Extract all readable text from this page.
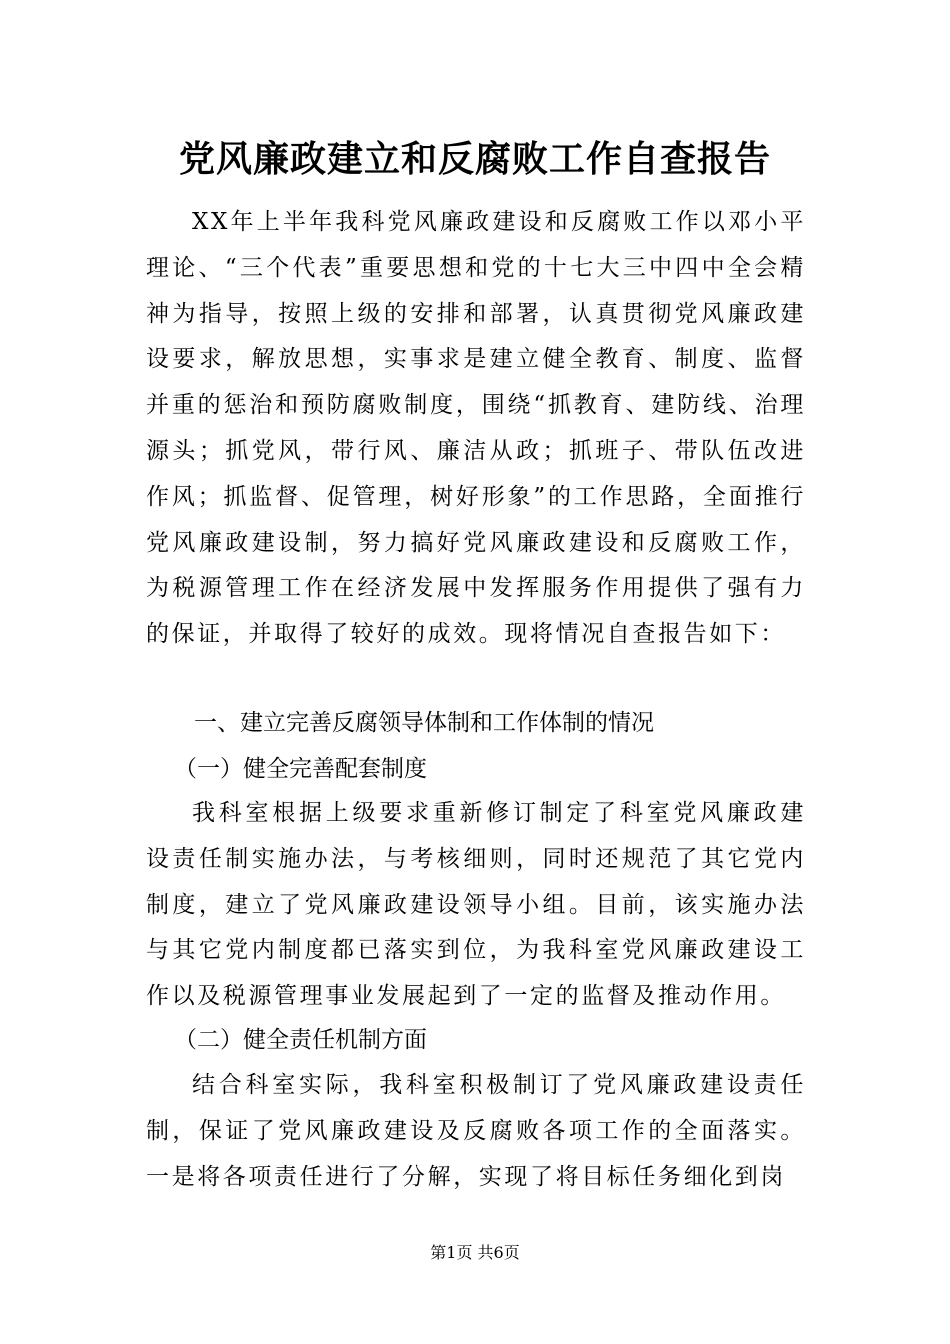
党风廉政建立和反腐败工作自查报告
XX年上半年我科党风廉政建设和反腐败工作以邓小平理论、“三个代表”重要思想和党的十七大三中四中全会精神为指导，按照上级的安排和部署，认真贯彻党风廉政建设要求，解放思想，实事求是建立健全教育、制度、监督并重的惩治和预防腐败制度，围绕“抓教育、建防线、治理源头；抓党风，带行风、廉洁从政；抓班子、带队伍改进作风；抓监督、促管理，树好形象”的工作思路，全面推行党风廉政建设制，努力搞好党风廉政建设和反腐败工作，为税源管理工作在经济发展中发挥服务作用提供了强有力的保证，并取得了较好的成效。现将情况自查报告如下：
一、建立完善反腐领导体制和工作体制的情况
（一）健全完善配套制度
我科室根据上级要求重新修订制定了科室党风廉政建设责任制实施办法，与考核细则，同时还规范了其它党内制度，建立了党风廉政建设领导小组。目前，该实施办法与其它党内制度都已落实到位，为我科室党风廉政建设工作以及税源管理事业发展起到了一定的监督及推动作用。
（二）健全责任机制方面
结合科室实际，我科室积极制订了党风廉政建设责任制，保证了党风廉政建设及反腐败各项工作的全面落实。一是将各项责任进行了分解，实现了将目标任务细化到岗
第1页 共6页
